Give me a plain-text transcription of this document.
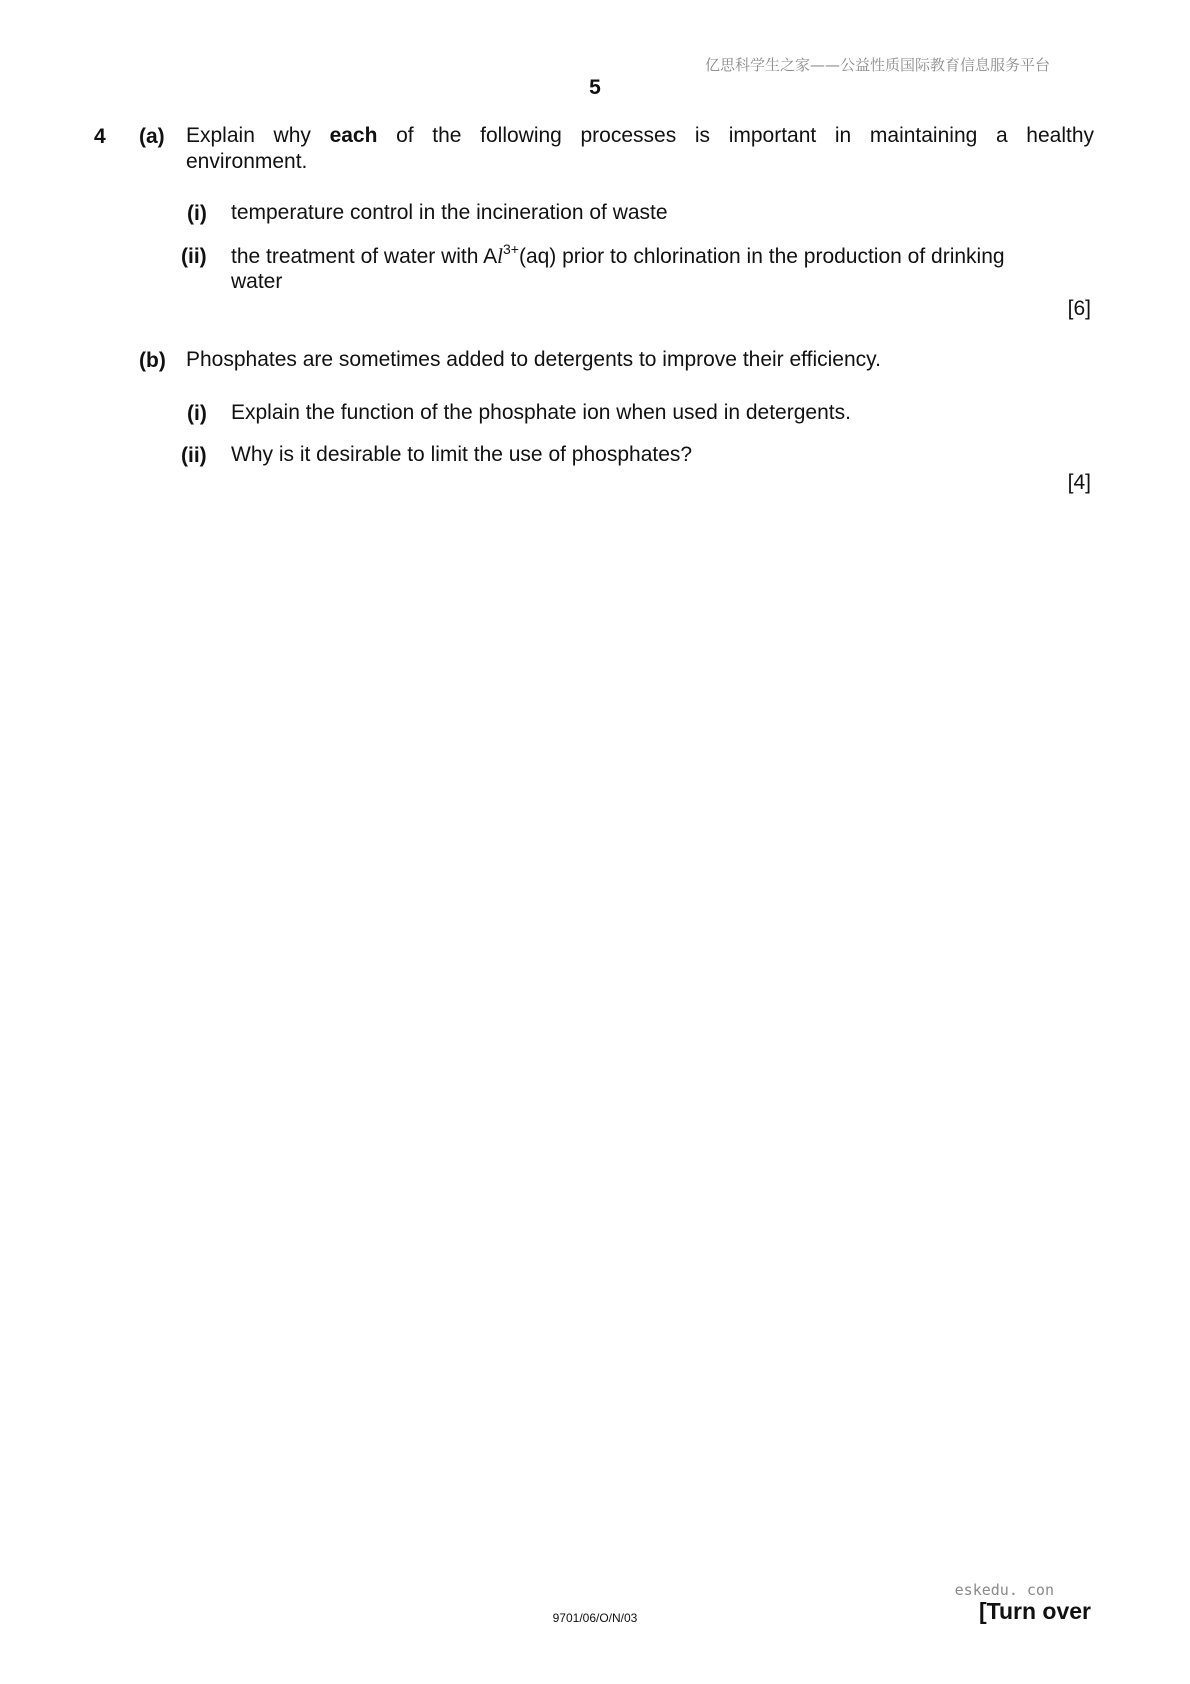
亿思科学生之家——公益性质国际教育信息服务平台
5
4 (a) Explain why each of the following processes is important in maintaining a healthy
environment.
(i) temperature control in the incineration of waste
(ii) the treatment of water with $Al^{3+}(aq)$ prior to chlorination in the production of drinking
water
[6]
(b) Phosphates are sometimes added to detergents to improve their efficiency.
(i) Explain the function of the phosphate ion when used in detergents.
(ii) Why is it desirable to limit the use of phosphates?
[4]
eskedu. con
9701/06/O/N/03	[Turn over
